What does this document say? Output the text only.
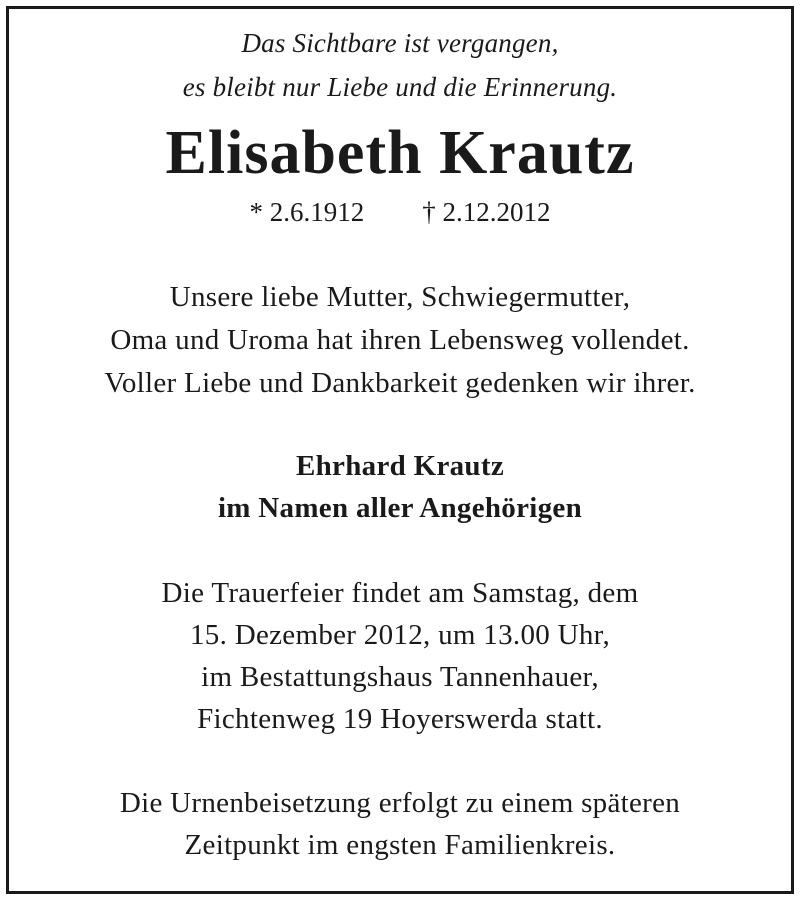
Das Sichtbare ist vergangen,
es bleibt nur Liebe und die Erinnerung.
Elisabeth Krautz
* 2.6.1912 † 2.12.2012
Unsere liebe Mutter, Schwiegermutter,
Oma und Uroma hat ihren Lebensweg vollendet.
Voller Liebe und Dankbarkeit gedenken wir ihrer.
Ehrhard Krautz
im Namen aller Angehörigen
Die Trauerfeier findet am Samstag, dem
15. Dezember 2012, um 13.00 Uhr,
im Bestattungshaus Tannenhauer,
Fichtenweg 19 Hoyerswerda statt.
Die Urnenbeisetzung erfolgt zu einem späteren
Zeitpunkt im engsten Familienkreis.
